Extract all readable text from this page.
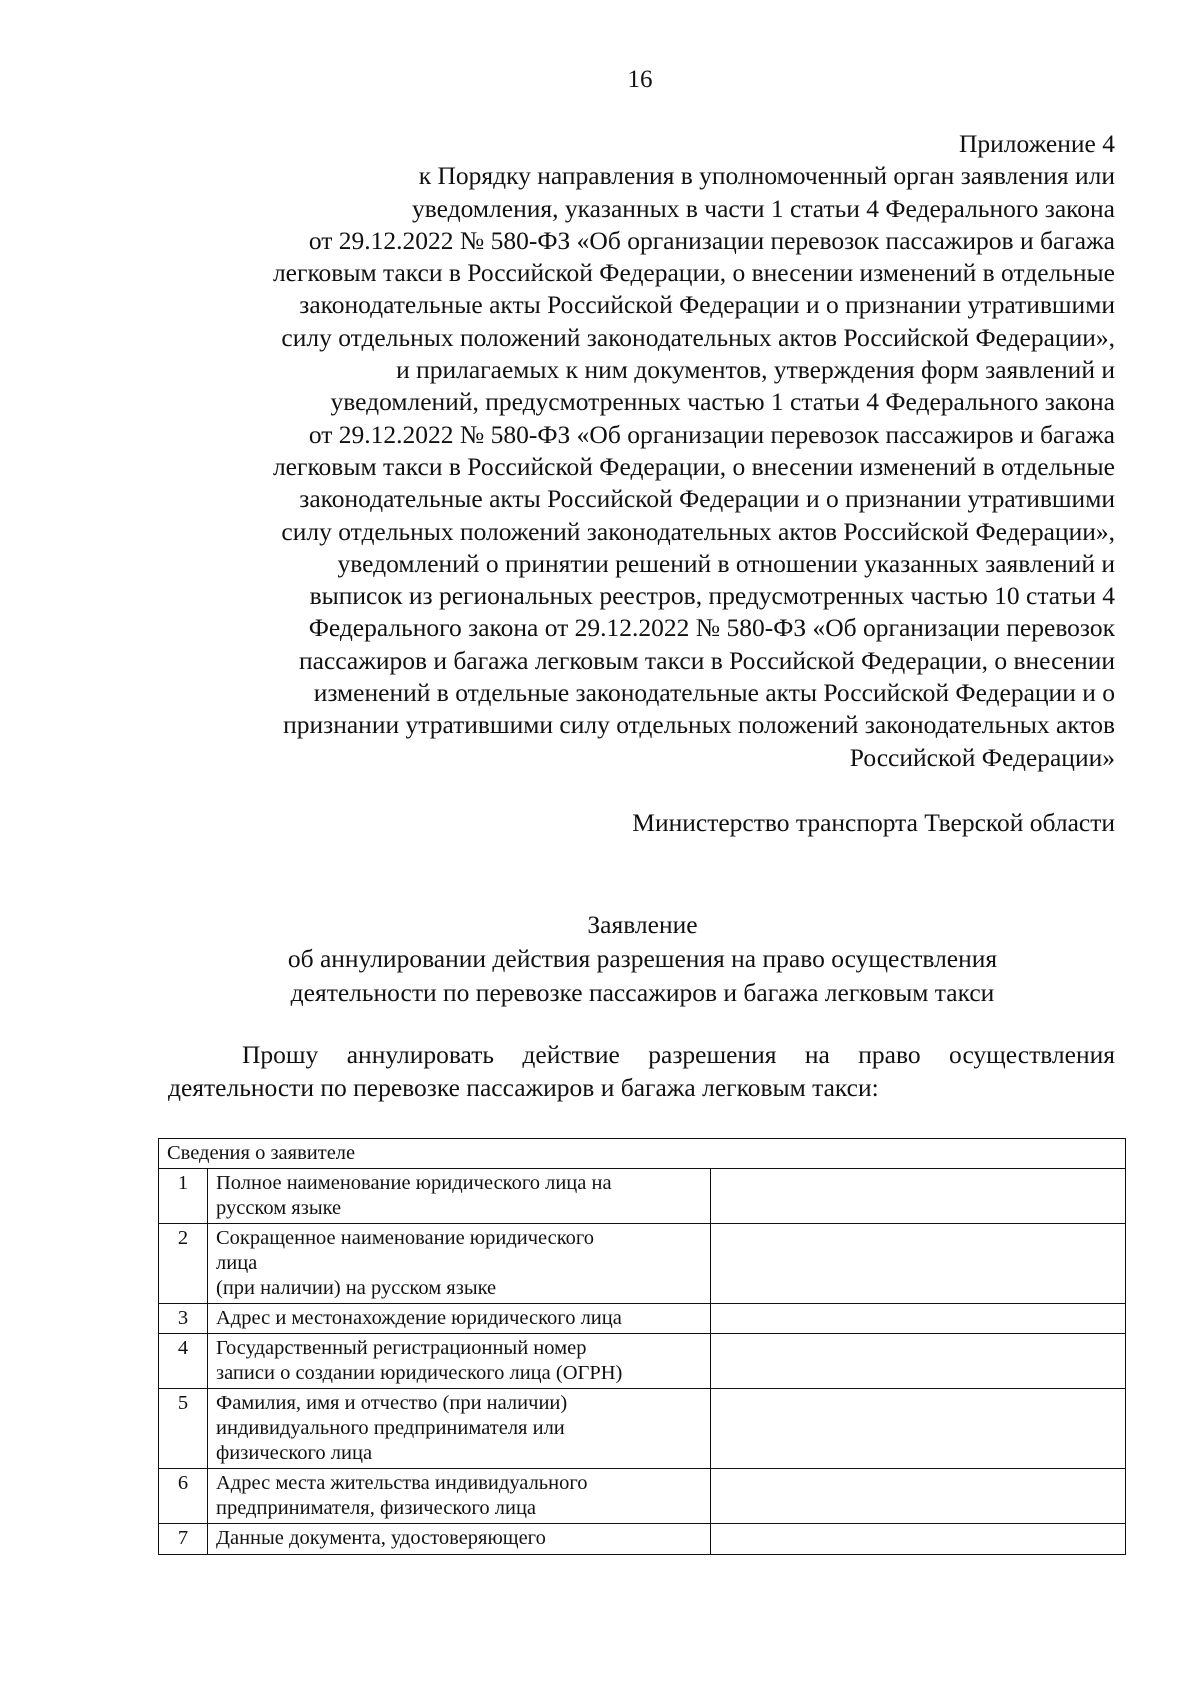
16
Приложение 4
к Порядку направления в уполномоченный орган заявления или
уведомления, указанных в части 1 статьи 4 Федерального закона
от 29.12.2022 № 580-ФЗ «Об организации перевозок пассажиров и багажа
легковым такси в Российской Федерации, о внесении изменений в отдельные
законодательные акты Российской Федерации и о признании утратившими
силу отдельных положений законодательных актов Российской Федерации»,
и прилагаемых к ним документов, утверждения форм заявлений и
уведомлений, предусмотренных частью 1 статьи 4 Федерального закона
от 29.12.2022 № 580-ФЗ «Об организации перевозок пассажиров и багажа
легковым такси в Российской Федерации, о внесении изменений в отдельные
законодательные акты Российской Федерации и о признании утратившими
силу отдельных положений законодательных актов Российской Федерации»,
уведомлений о принятии решений в отношении указанных заявлений и
выписок из региональных реестров, предусмотренных частью 10 статьи 4
Федерального закона от 29.12.2022 № 580-ФЗ «Об организации перевозок
пассажиров и багажа легковым такси в Российской Федерации, о внесении
изменений в отдельные законодательные акты Российской Федерации и о
признании утратившими силу отдельных положений законодательных актов
Российской Федерации»
Министерство транспорта Тверской области
Заявление
об аннулировании действия разрешения на право осуществления
деятельности по перевозке пассажиров и багажа легковым такси
Прошу аннулировать действие разрешения на право осуществления
деятельности по перевозке пассажиров и багажа легковым такси:
Сведения о заявителе		
1	Полное наименование юридического лица на
русском языке	

2	Сокращенное наименование юридического
лица
(при наличии) на русском языке	

3	Адрес и местонахождение юридического лица	

4	Государственный регистрационный номер
записи о создании юридического лица (ОГРН)	

5	Фамилия, имя и отчество (при наличии)
индивидуального предпринимателя или
физического лица	

6	Адрес места жительства индивидуального
предпринимателя, физического лица	

7	Данные документа, удостоверяющего	
